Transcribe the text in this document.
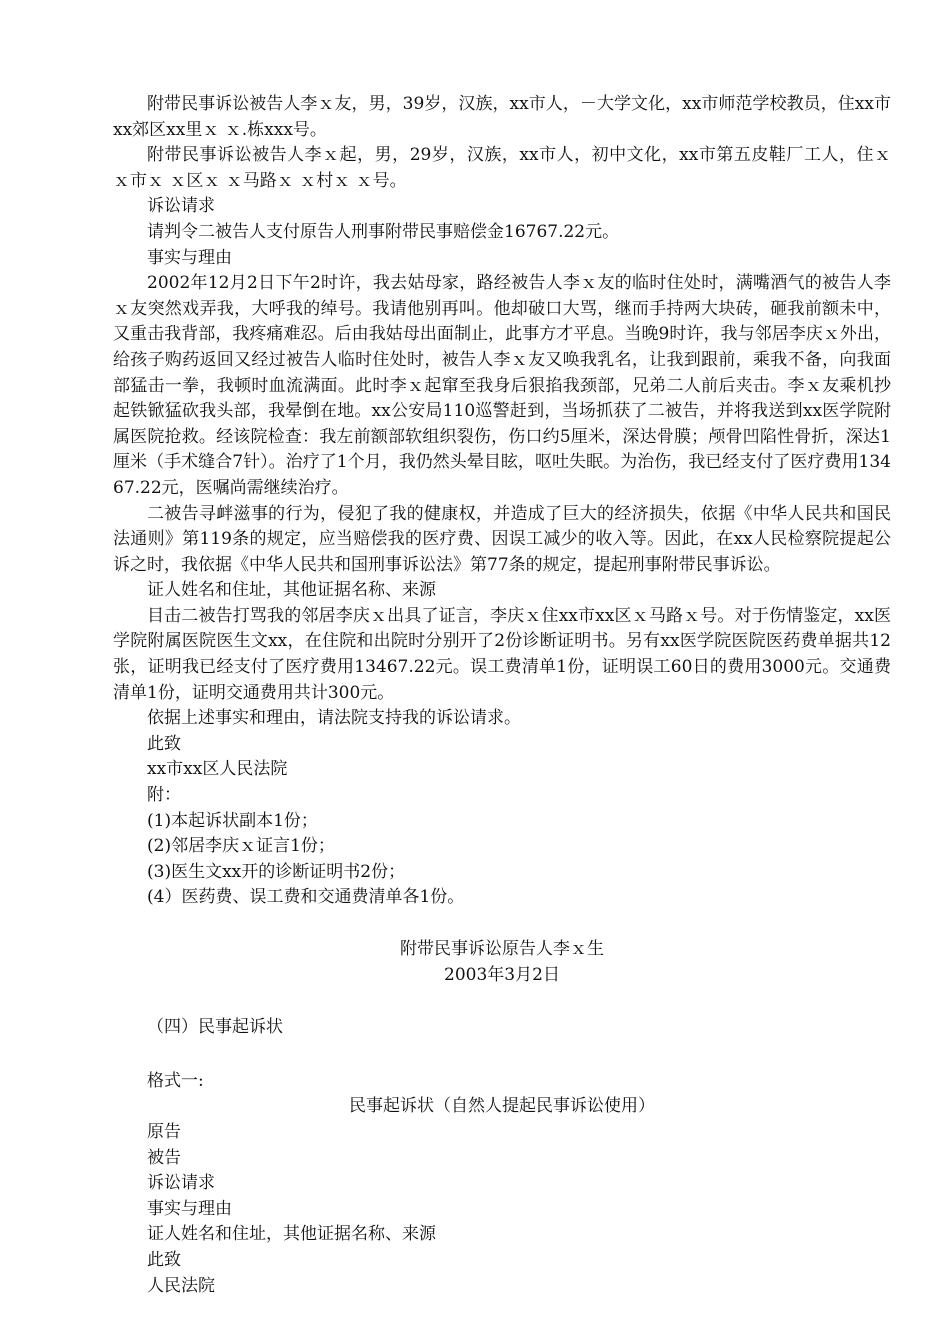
附带民事诉讼被告人李ｘ友，男，39岁，汉族，xx市人，－大学文化，xx市师范学校教员，住xx市xx郊区xx里ｘ ｘ.栋xxx号。

附带民事诉讼被告人李ｘ起，男，29岁，汉族，xx市人，初中文化，xx市第五皮鞋厂工人，住ｘ ｘ市ｘ ｘ区ｘ ｘ马路ｘ ｘ村ｘ ｘ号。

诉讼请求

请判令二被告人支付原告人刑事附带民事赔偿金16767.22元。

事实与理由

2002年12月2日下午2时许，我去姑母家，路经被告人李ｘ友的临时住处时，满嘴酒气的被告人李ｘ友突然戏弄我，大呼我的绰号。我请他别再叫。他却破口大骂，继而手持两大块砖，砸我前额未中，又重击我背部，我疼痛难忍。后由我姑母出面制止，此事方才平息。当晚9时许，我与邻居李庆ｘ外出，给孩子购药返回又经过被告人临时住处时，被告人李ｘ友又唤我乳名，让我到跟前，乘我不备，向我面部猛击一拳，我顿时血流满面。此时李ｘ起窜至我身后狠掐我颈部，兄弟二人前后夹击。李ｘ友乘机抄起铁锨猛砍我头部，我晕倒在地。xx公安局110巡警赶到，当场抓获了二被告，并将我送到xx医学院附属医院抢救。经该院检查：我左前额部软组织裂伤，伤口约5厘米，深达骨膜；颅骨凹陷性骨折，深达1厘米（手术缝合7针）。治疗了1个月，我仍然头晕目眩，呕吐失眠。为治伤，我已经支付了医疗费用13467.22元，医嘱尚需继续治疗。

二被告寻衅滋事的行为，侵犯了我的健康权，并造成了巨大的经济损失，依据《中华人民共和国民法通则》第119条的规定，应当赔偿我的医疗费、因误工减少的收入等。因此，在xx人民检察院提起公诉之时，我依据《中华人民共和国刑事诉讼法》第77条的规定，提起刑事附带民事诉讼。

证人姓名和住址，其他证据名称、来源

目击二被告打骂我的邻居李庆ｘ出具了证言，李庆ｘ住xx市xx区ｘ马路ｘ号。对于伤情鉴定，xx医学院附属医院医生文xx，在住院和出院时分别开了2份诊断证明书。另有xx医学院医院医药费单据共12张，证明我已经支付了医疗费用13467.22元。误工费清单1份，证明误工60日的费用3000元。交通费清单1份，证明交通费用共计300元。

依据上述事实和理由，请法院支持我的诉讼请求。

此致

xx市xx区人民法院

附：

(1)本起诉状副本1份；

(2)邻居李庆ｘ证言1份；

(3)医生文xx开的诊断证明书2份；

(4）医药费、误工费和交通费清单各1份。

附带民事诉讼原告人李ｘ生

2003年3月2日

（四）民事起诉状

格式一:

民事起诉状（自然人提起民事诉讼使用）

原告

被告

诉讼请求

事实与理由

证人姓名和住址，其他证据名称、来源

此致

人民法院
